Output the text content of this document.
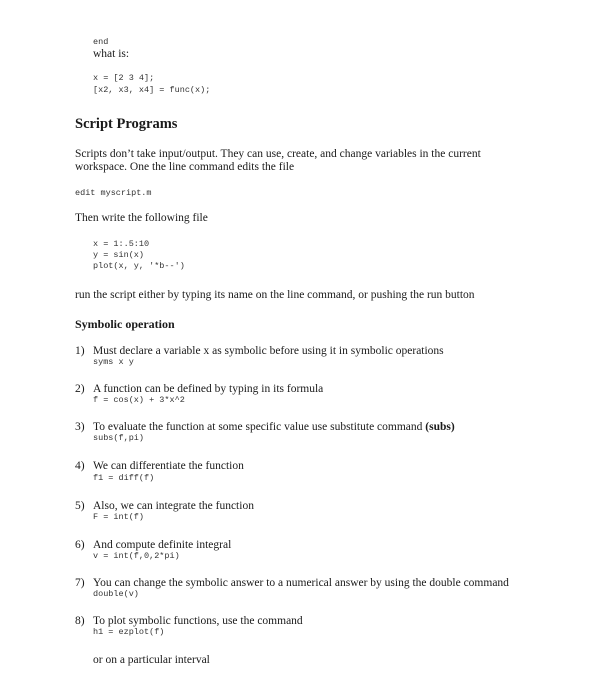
end
what is:
x = [2 3 4];
[x2, x3, x4] = func(x);
Script Programs
Scripts don’t take input/output. They can use, create, and change variables in the current
workspace. One the line command edits the file
edit myscript.m
Then write the following file
x = 1:.5:10
y = sin(x)
plot(x, y, '*b--')
run the script either by typing its name on the line command, or pushing the run button
Symbolic operation
1) Must declare a variable x as symbolic before using it in symbolic operations
syms x y
2) A function can be defined by typing in its formula
f = cos(x) + 3*x^2
3) To evaluate the function at some specific value use substitute command (subs)
subs(f,pi)
4) We can differentiate the function
f1 = diff(f)
5) Also, we can integrate the function
F = int(f)
6) And compute definite integral
v = int(f,0,2*pi)
7) You can change the symbolic answer to a numerical answer by using the double command
double(v)
8) To plot symbolic functions, use the command
h1 = ezplot(f)
or on a particular interval
